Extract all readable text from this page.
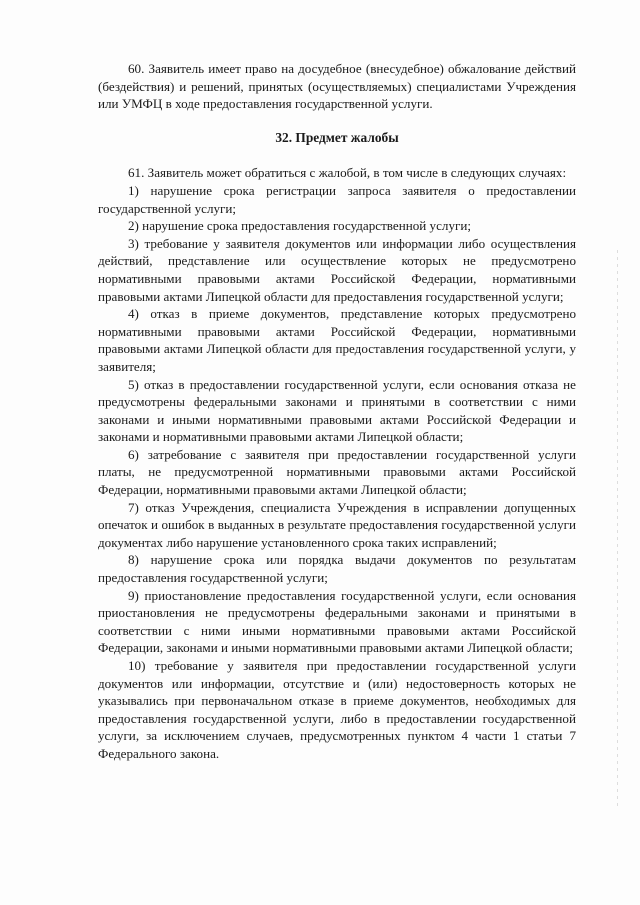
60. Заявитель имеет право на досудебное (внесудебное) обжалование действий (бездействия) и решений, принятых (осуществляемых) специалистами Учреждения или УМФЦ в ходе предоставления государственной услуги.

32. Предмет жалобы

61. Заявитель может обратиться с жалобой, в том числе в следующих случаях:

1) нарушение срока регистрации запроса заявителя о предоставлении государственной услуги;
2) нарушение срока предоставления государственной услуги;
3) требование у заявителя документов или информации либо осуществления действий, представление или осуществление которых не предусмотрено нормативными правовыми актами Российской Федерации, нормативными правовыми актами Липецкой области для предоставления государственной услуги;
4) отказ в приеме документов, представление которых предусмотрено нормативными правовыми актами Российской Федерации, нормативными правовыми актами Липецкой области для предоставления государственной услуги, у заявителя;
5) отказ в предоставлении государственной услуги, если основания отказа не предусмотрены федеральными законами и принятыми в соответствии с ними законами и иными нормативными правовыми актами Российской Федерации и законами и нормативными правовыми актами Липецкой области;
6) затребование с заявителя при предоставлении государственной услуги платы, не предусмотренной нормативными правовыми актами Российской Федерации, нормативными правовыми актами Липецкой области;
7) отказ Учреждения, специалиста Учреждения в исправлении допущенных опечаток и ошибок в выданных в результате предоставления государственной услуги документах либо нарушение установленного срока таких исправлений;
8) нарушение срока или порядка выдачи документов по результатам предоставления государственной услуги;
9) приостановление предоставления государственной услуги, если основания приостановления не предусмотрены федеральными законами и принятыми в соответствии с ними иными нормативными правовыми актами Российской Федерации, законами и иными нормативными правовыми актами Липецкой области;
10) требование у заявителя при предоставлении государственной услуги документов или информации, отсутствие и (или) недостоверность которых не указывались при первоначальном отказе в приеме документов, необходимых для предоставления государственной услуги, либо в предоставлении государственной услуги, за исключением случаев, предусмотренных пунктом 4 части 1 статьи 7 Федерального закона.
